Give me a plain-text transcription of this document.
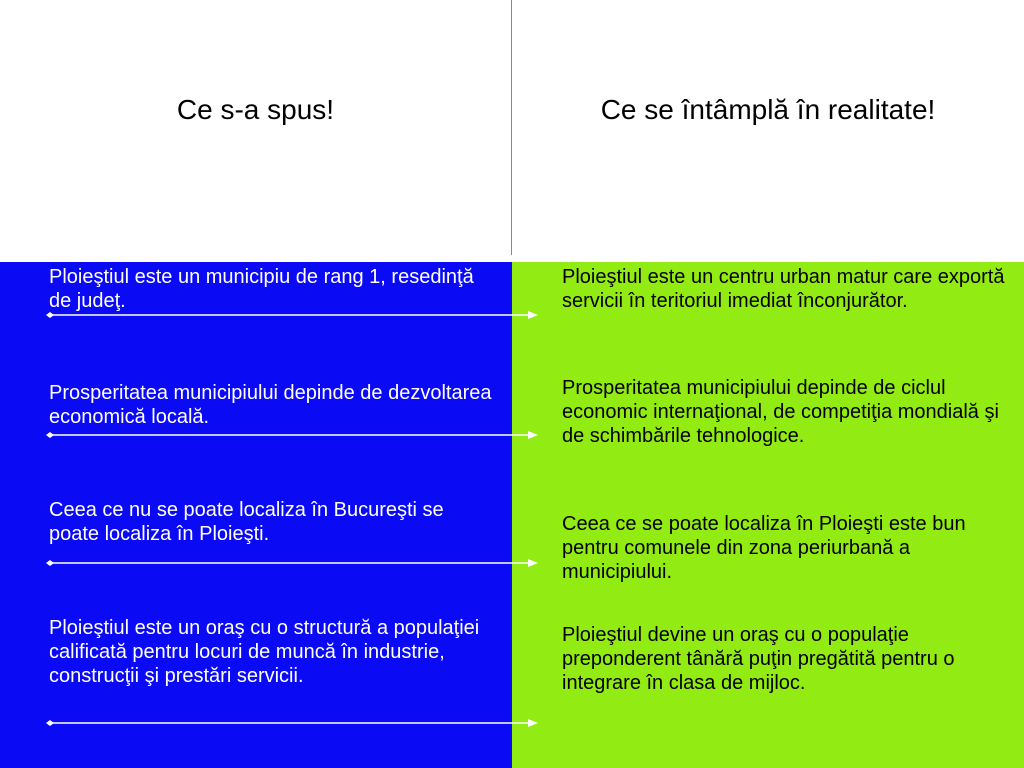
Ce s-a spus!	Ce se întâmplă în realitate!
Ploieştiul este un municipiu de rang 1, resedinţă de judeţ.
Prosperitatea municipiului depinde de dezvoltarea economică locală.
Ceea ce nu se poate localiza în Bucureşti se poate localiza în Ploieşti.
Ploieştiul este un oraş cu o structură a populaţiei calificată pentru locuri de muncă în industrie, construcţii şi prestări servicii.
Ploieştiul este un centru urban matur care exportă servicii în teritoriul imediat înconjurător.
Prosperitatea municipiului depinde de ciclul economic internaţional, de competiţia mondială şi de schimbările tehnologice.
Ceea ce se poate localiza în Ploieşti este bun pentru comunele din zona periurbană a municipiului.
Ploieştiul devine un oraş cu o populaţie preponderent tânără puţin pregătită pentru o integrare în clasa de mijloc.
